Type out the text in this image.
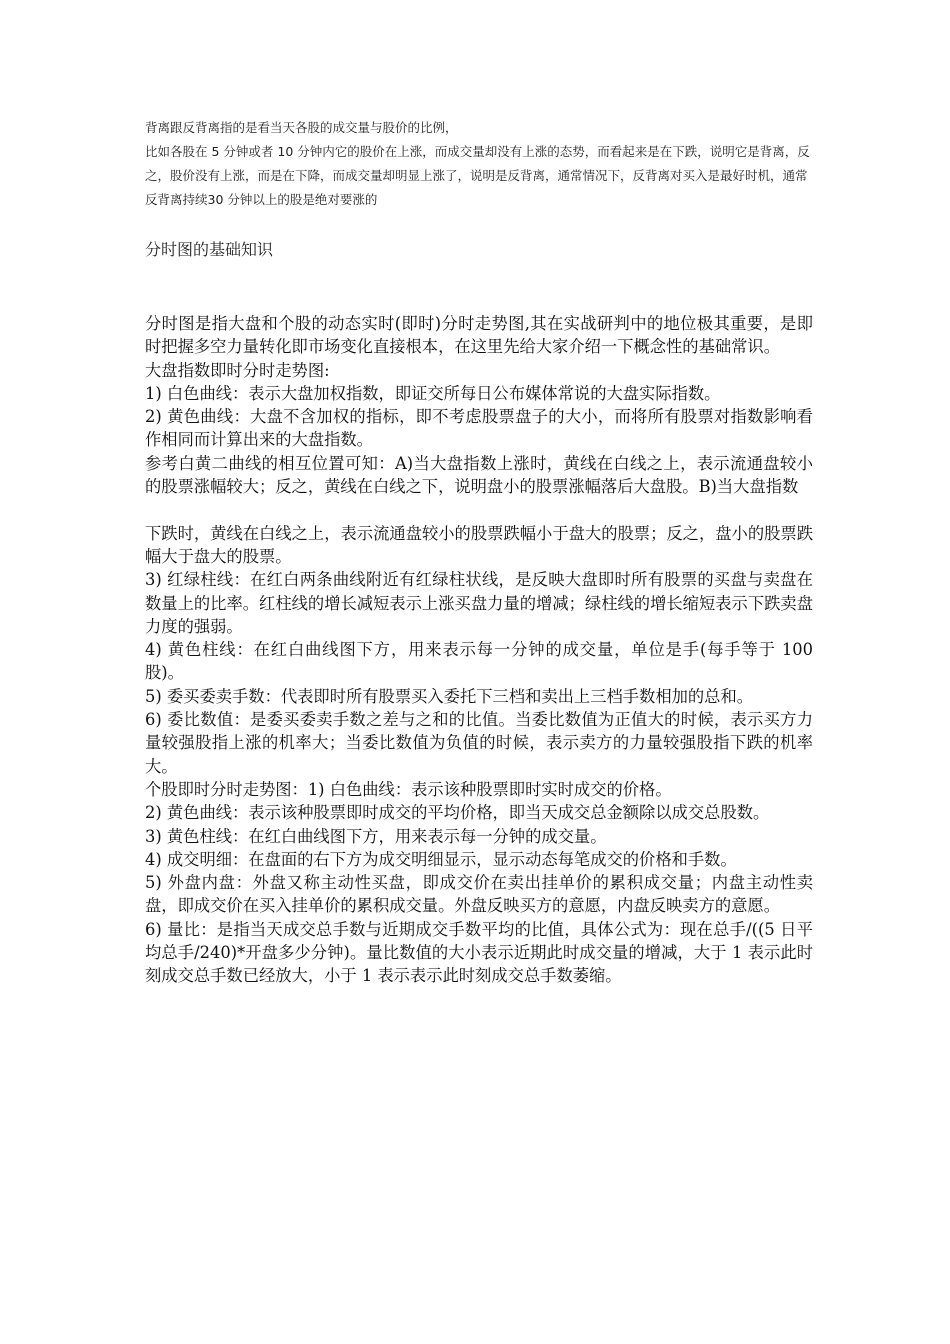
背离跟反背离指的是看当天各股的成交量与股价的比例，

比如各股在 5 分钟或者 10 分钟内它的股价在上涨，而成交量却没有上涨的态势，而看起来是在下跌，说明它是背离，反之，股价没有上涨，而是在下降，而成交量却明显上涨了，说明是反背离，通常情况下，反背离对买入是最好时机，通常反背离持续30 分钟以上的股是绝对要涨的

分时图的基础知识

分时图是指大盘和个股的动态实时(即时)分时走势图,其在实战研判中的地位极其重要，是即时把握多空力量转化即市场变化直接根本，在这里先给大家介绍一下概念性的基础常识。

大盘指数即时分时走势图:

1) 白色曲线：表示大盘加权指数，即证交所每日公布媒体常说的大盘实际指数。

2) 黄色曲线：大盘不含加权的指标，即不考虑股票盘子的大小，而将所有股票对指数影响看作相同而计算出来的大盘指数。

参考白黄二曲线的相互位置可知：A)当大盘指数上涨时，黄线在白线之上，表示流通盘较小的股票涨幅较大；反之，黄线在白线之下，说明盘小的股票涨幅落后大盘股。B)当大盘指数

下跌时，黄线在白线之上，表示流通盘较小的股票跌幅小于盘大的股票；反之，盘小的股票跌幅大于盘大的股票。

3) 红绿柱线：在红白两条曲线附近有红绿柱状线，是反映大盘即时所有股票的买盘与卖盘在数量上的比率。红柱线的增长减短表示上涨买盘力量的增减；绿柱线的增长缩短表示下跌卖盘力度的强弱。

4) 黄色柱线：在红白曲线图下方，用来表示每一分钟的成交量，单位是手(每手等于 100 股)。

5) 委买委卖手数：代表即时所有股票买入委托下三档和卖出上三档手数相加的总和。

6) 委比数值：是委买委卖手数之差与之和的比值。当委比数值为正值大的时候，表示买方力量较强股指上涨的机率大；当委比数值为负值的时候，表示卖方的力量较强股指下跌的机率大。

个股即时分时走势图：1) 白色曲线：表示该种股票即时实时成交的价格。

2) 黄色曲线：表示该种股票即时成交的平均价格，即当天成交总金额除以成交总股数。

3) 黄色柱线：在红白曲线图下方，用来表示每一分钟的成交量。

4) 成交明细：在盘面的右下方为成交明细显示，显示动态每笔成交的价格和手数。

5) 外盘内盘：外盘又称主动性买盘，即成交价在卖出挂单价的累积成交量；内盘主动性卖盘，即成交价在买入挂单价的累积成交量。外盘反映买方的意愿，内盘反映卖方的意愿。

6) 量比：是指当天成交总手数与近期成交手数平均的比值，具体公式为：现在总手/((5 日平均总手/240)*开盘多少分钟)。量比数值的大小表示近期此时成交量的增减，大于 1 表示此时刻成交总手数已经放大，小于 1 表示表示此时刻成交总手数萎缩。
